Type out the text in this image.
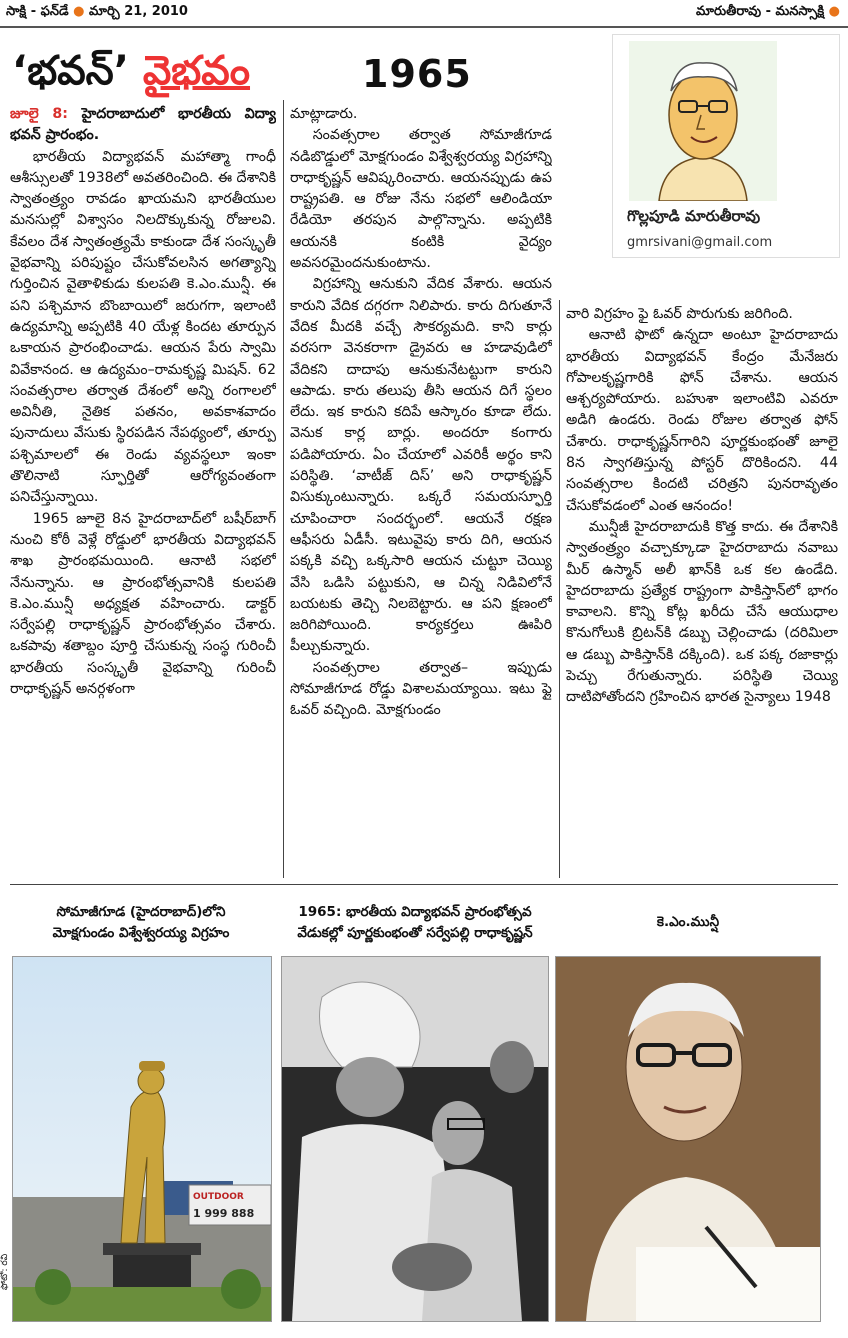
సాక్షి - ఫన్‌డే ● మార్చి 21, 2010	మారుతీరావు - మనస్సాక్షి ●
‘భవన్’ వైభవం	1965
గొల్లపూడి మారుతీరావు
gmrsivani@gmail.com

జూలై 8: హైదరాబాదులో భారతీయ విద్యా భవన్ ప్రారంభం.

భారతీయ విద్యాభవన్ మహాత్మా గాంధీ ఆశీస్సులతో 1938లో అవతరించింది. ఈ దేశానికి స్వాతంత్ర్యం రావడం ఖాయమని భారతీయుల మనసుల్లో విశ్వాసం నిలదొక్కుకున్న రోజులవి. కేవలం దేశ స్వాతంత్ర్యమే కాకుండా దేశ సంస్కృతీ వైభవాన్ని పరిపుష్టం చేసుకోవలసిన అగత్యాన్ని గుర్తించిన వైతాళికుడు కులపతి కె.ఎం.మున్షీ. ఈ పని పశ్చిమాన బొంబాయిలో జరుగగా, ఇలాంటి ఉద్యమాన్ని అప్పటికి 40 యేళ్ల కిందట తూర్పున ఒకాయన ప్రారంభించాడు. ఆయన పేరు స్వామి వివేకానంద. ఆ ఉద్యమం–రామకృష్ణ మిషన్. 62 సంవత్సరాల తర్వాత దేశంలో అన్ని రంగాలలో అవినీతి, నైతిక పతనం, అవకాశవాదం పునాదులు వేసుకు స్థిరపడిన నేపథ్యంలో, తూర్పు పశ్చిమాలలో ఈ రెండు వ్యవస్థలూ ఇంకా తొలినాటి స్ఫూర్తితో ఆరోగ్యవంతంగా పనిచేస్తున్నాయి.

1965 జూలై 8న హైదరాబాద్‌లో బషీర్‌బాగ్ నుంచి కోఠీ వెళ్లే రోడ్డులో భారతీయ విద్యాభవన్ శాఖ ప్రారంభమయింది. ఆనాటి సభలో నేనున్నాను. ఆ ప్రారంభోత్సవానికి కులపతి కె.ఎం.మున్షీ అధ్యక్షత వహించారు. డాక్టర్ సర్వేపల్లి రాధాకృష్ణన్ ప్రారంభోత్సవం చేశారు. ఒకపావు శతాబ్దం పూర్తి చేసుకున్న సంస్థ గురించీ భారతీయ సంస్కృతీ వైభవాన్ని గురించీ రాధాకృష్ణన్ అనర్గళంగా

మాట్లాడారు.

సంవత్సరాల తర్వాత సోమాజీగూడ నడిబొడ్డులో మోక్షగుండం విశ్వేశ్వరయ్య విగ్రహాన్ని రాధాకృష్ణన్ ఆవిష్కరించారు. ఆయనప్పుడు ఉప రాష్ట్రపతి. ఆ రోజు నేను సభలో ఆలిండియా రేడియో తరపున పాల్గొన్నాను. అప్పటికి ఆయనకి కంటికి వైద్యం అవసరమైందనుకుంటాను.

విగ్రహాన్ని ఆనుకుని వేదిక వేశారు. ఆయన కారుని వేదిక దగ్గరగా నిలిపారు. కారు దిగుతూనే వేదిక మీదకి వచ్చే సౌకర్యమది. కాని కార్లు వరసగా వెనకరాగా డ్రైవరు ఆ హడావుడిలో వేదికని దాదాపు ఆనుకునేటట్టుగా కారుని ఆపాడు. కారు తలుపు తీసి ఆయన దిగే స్థలం లేదు. ఇక కారుని కదిపే ఆస్కారం కూడా లేదు. వెనుక కార్ల బార్లు. అందరూ కంగారు పడిపోయారు. ఏం చేయాలో ఎవరికీ అర్థం కాని పరిస్థితి. ‘వాటీజ్ దిస్’ అని రాధాకృష్ణన్ విసుక్కుంటున్నారు. ఒక్కరే సమయస్ఫూర్తి చూపించారా సందర్భంలో. ఆయనే రక్షణ ఆఫీసరు ఏడీసీ. ఇటువైపు కారు దిగి, ఆయన పక్కకి వచ్చి ఒక్కసారి ఆయన చుట్టూ చెయ్యి వేసి ఒడిసి పట్టుకుని, ఆ చిన్న నిడివిలోనే బయటకు తెచ్చి నిలబెట్టారు. ఆ పని క్షణంలో జరిగిపోయింది. కార్యకర్తలు ఊపిరి పీల్చుకున్నారు.

సంవత్సరాల తర్వాత– ఇప్పుడు సోమాజీగూడ రోడ్డు విశాలమయ్యాయి. ఇటు ఫ్లై ఓవర్ వచ్చింది. మోక్షగుండం

వారి విగ్రహం ఫై ఓవర్ పొరుగుకు జరిగింది.

ఆనాటి ఫొటో ఉన్నదా అంటూ హైదరాబాదు భారతీయ విద్యాభవన్ కేంద్రం మేనేజరు గోపాలకృష్ణగారికి ఫోన్ చేశాను. ఆయన ఆశ్చర్యపోయారు. బహుశా ఇలాంటివి ఎవరూ అడిగి ఉండరు. రెండు రోజుల తర్వాత ఫోన్ చేశారు. రాధాకృష్ణన్‌గారిని పూర్ణకుంభంతో జూలై 8న స్వాగతిస్తున్న పోస్టర్ దొరికిందని. 44 సంవత్సరాల కిందటి చరిత్రని పునరావృతం చేసుకోవడంలో ఎంత ఆనందం!

మున్షీజీ హైదరాబాదుకి కొత్త కాదు. ఈ దేశానికి స్వాతంత్ర్యం వచ్చాక్కూడా హైదరాబాదు నవాబు మీర్ ఉస్మాన్ అలీ ఖాన్‌కి ఒక కల ఉండేది. హైదరాబాదు ప్రత్యేక రాష్ట్రంగా పాకిస్తాన్‌లో భాగం కావాలని. కొన్ని కోట్ల ఖరీదు చేసే ఆయుధాల కొనుగోలుకి బ్రిటన్‌కి డబ్బు చెల్లించాడు (దరిమిలా ఆ డబ్బు పాకిస్తాన్‌కి దక్కింది). ఒక పక్క రజాకార్లు పెచ్చు రేగుతున్నారు. పరిస్థితి చెయ్యి దాటిపోతోందని గ్రహించిన భారత సైన్యాలు 1948

సోమాజీగూడ (హైదరాబాద్)లోని
మోక్షగుండం విశ్వేశ్వరయ్య విగ్రహం
1965: భారతీయ విద్యాభవన్ ప్రారంభోత్సవ
వేడుకల్లో పూర్ణకుంభంతో సర్వేపల్లి రాధాకృష్ణన్
కె.ఎం.మున్షీ
OUTDOOR
1 999 888
ఫోటో: రవి
